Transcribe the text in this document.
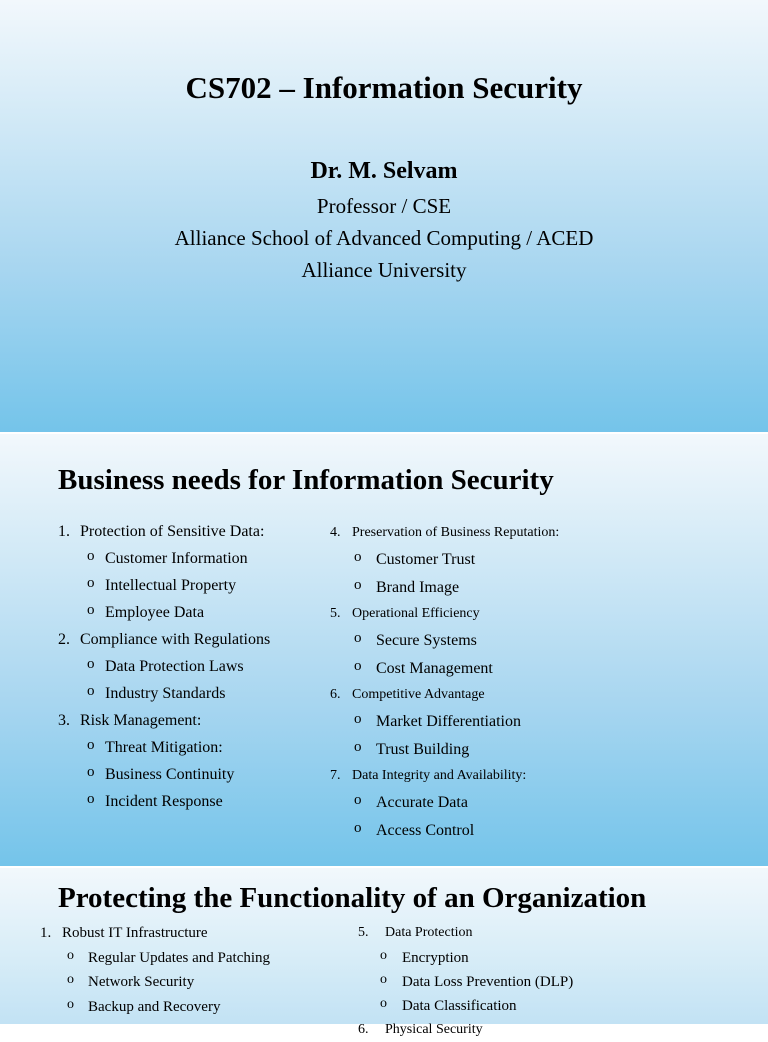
CS702 – Information Security
Dr. M. Selvam
Professor / CSE
Alliance School of Advanced Computing / ACED
Alliance University
Business needs for Information Security
1. Protection of Sensitive Data:
o Customer Information
o Intellectual Property
o Employee Data
2. Compliance with Regulations
o Data Protection Laws
o Industry Standards
3. Risk Management:
o Threat Mitigation:
o Business Continuity
o Incident Response
4. Preservation of Business Reputation:
o Customer Trust
o Brand Image
5. Operational Efficiency
o Secure Systems
o Cost Management
6. Competitive Advantage
o Market Differentiation
o Trust Building
7. Data Integrity and Availability:
o Accurate Data
o Access Control
Protecting the Functionality of an Organization
1. Robust IT Infrastructure
o Regular Updates and Patching
o Network Security
o Backup and Recovery
5. Data Protection
o Encryption
o Data Loss Prevention (DLP)
o Data Classification
6. Physical Security
